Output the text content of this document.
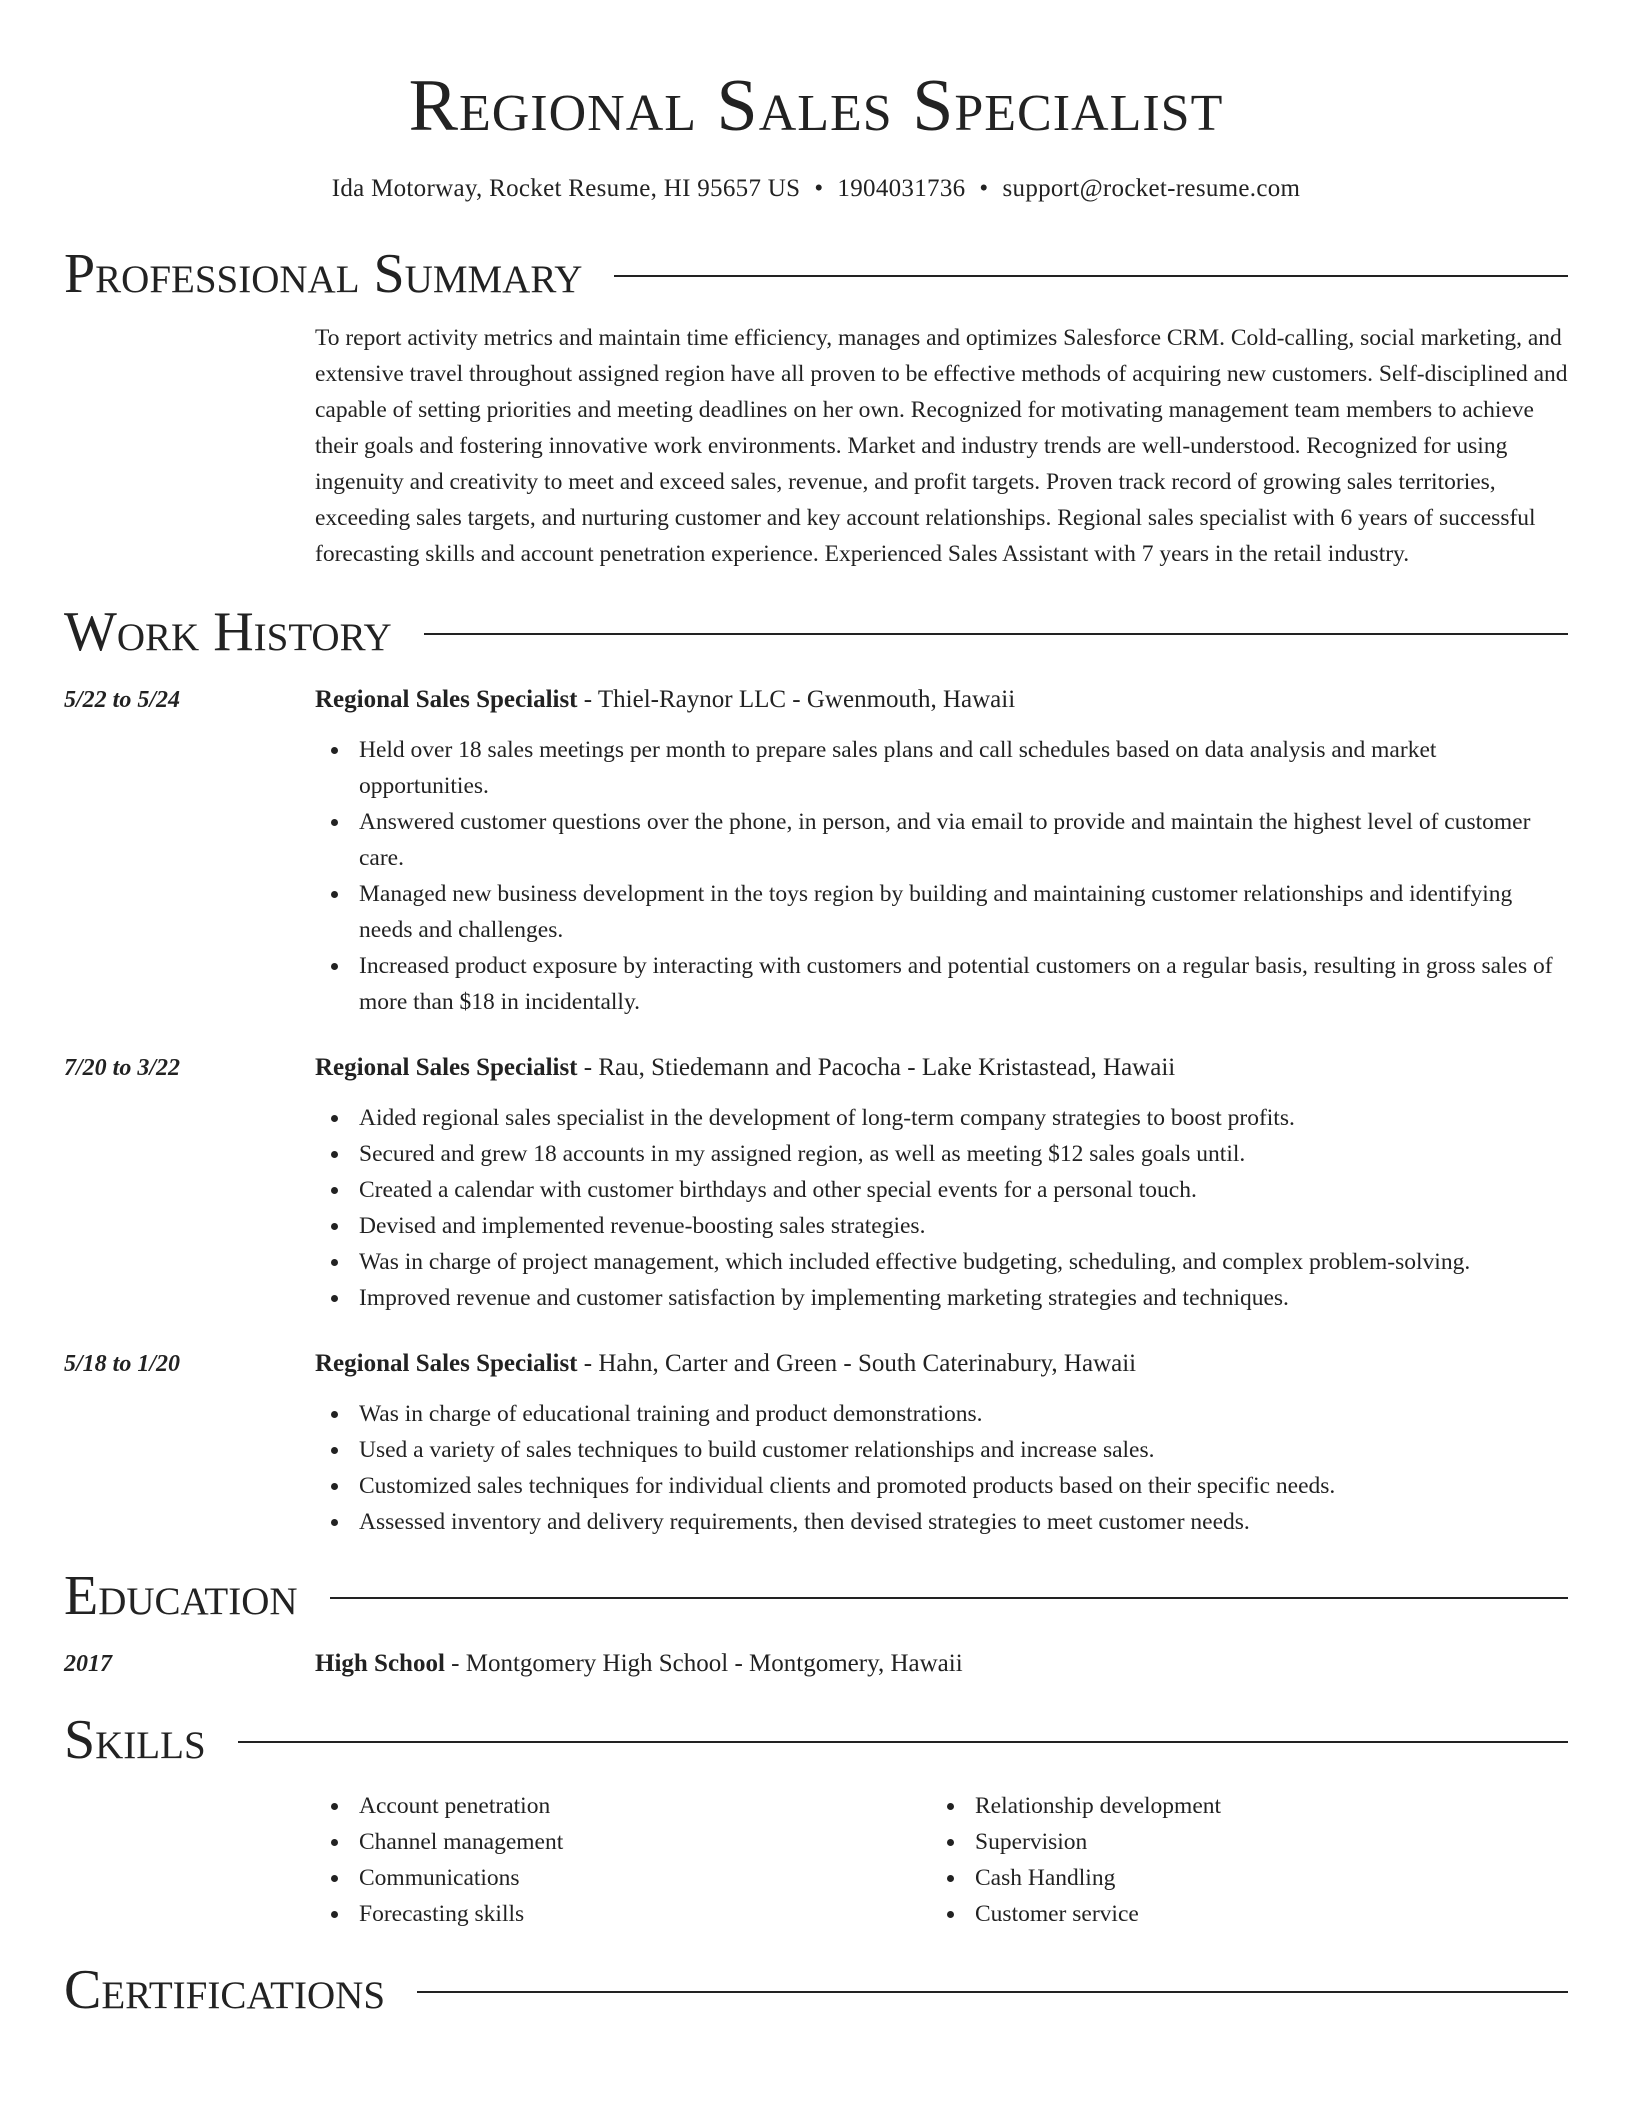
Regional Sales Specialist
Ida Motorway, Rocket Resume, HI 95657 US • 1904031736 • support@rocket-resume.com
Professional Summary
To report activity metrics and maintain time efficiency, manages and optimizes Salesforce CRM. Cold-calling, social marketing, and extensive travel throughout assigned region have all proven to be effective methods of acquiring new customers. Self-disciplined and capable of setting priorities and meeting deadlines on her own. Recognized for motivating management team members to achieve their goals and fostering innovative work environments. Market and industry trends are well-understood. Recognized for using ingenuity and creativity to meet and exceed sales, revenue, and profit targets. Proven track record of growing sales territories, exceeding sales targets, and nurturing customer and key account relationships. Regional sales specialist with 6 years of successful forecasting skills and account penetration experience. Experienced Sales Assistant with 7 years in the retail industry.
Work History
5/22 to 5/24	Regional Sales Specialist - Thiel-Raynor LLC - Gwenmouth, Hawaii
Held over 18 sales meetings per month to prepare sales plans and call schedules based on data analysis and market opportunities.
Answered customer questions over the phone, in person, and via email to provide and maintain the highest level of customer care.
Managed new business development in the toys region by building and maintaining customer relationships and identifying needs and challenges.
Increased product exposure by interacting with customers and potential customers on a regular basis, resulting in gross sales of more than $18 in incidentally.
7/20 to 3/22	Regional Sales Specialist - Rau, Stiedemann and Pacocha - Lake Kristastead, Hawaii
Aided regional sales specialist in the development of long-term company strategies to boost profits.
Secured and grew 18 accounts in my assigned region, as well as meeting $12 sales goals until.
Created a calendar with customer birthdays and other special events for a personal touch.
Devised and implemented revenue-boosting sales strategies.
Was in charge of project management, which included effective budgeting, scheduling, and complex problem-solving.
Improved revenue and customer satisfaction by implementing marketing strategies and techniques.
5/18 to 1/20	Regional Sales Specialist - Hahn, Carter and Green - South Caterinabury, Hawaii
Was in charge of educational training and product demonstrations.
Used a variety of sales techniques to build customer relationships and increase sales.
Customized sales techniques for individual clients and promoted products based on their specific needs.
Assessed inventory and delivery requirements, then devised strategies to meet customer needs.
Education
2017	High School - Montgomery High School - Montgomery, Hawaii
Skills
Account penetration
Channel management
Communications
Forecasting skills
Relationship development
Supervision
Cash Handling
Customer service
Certifications
